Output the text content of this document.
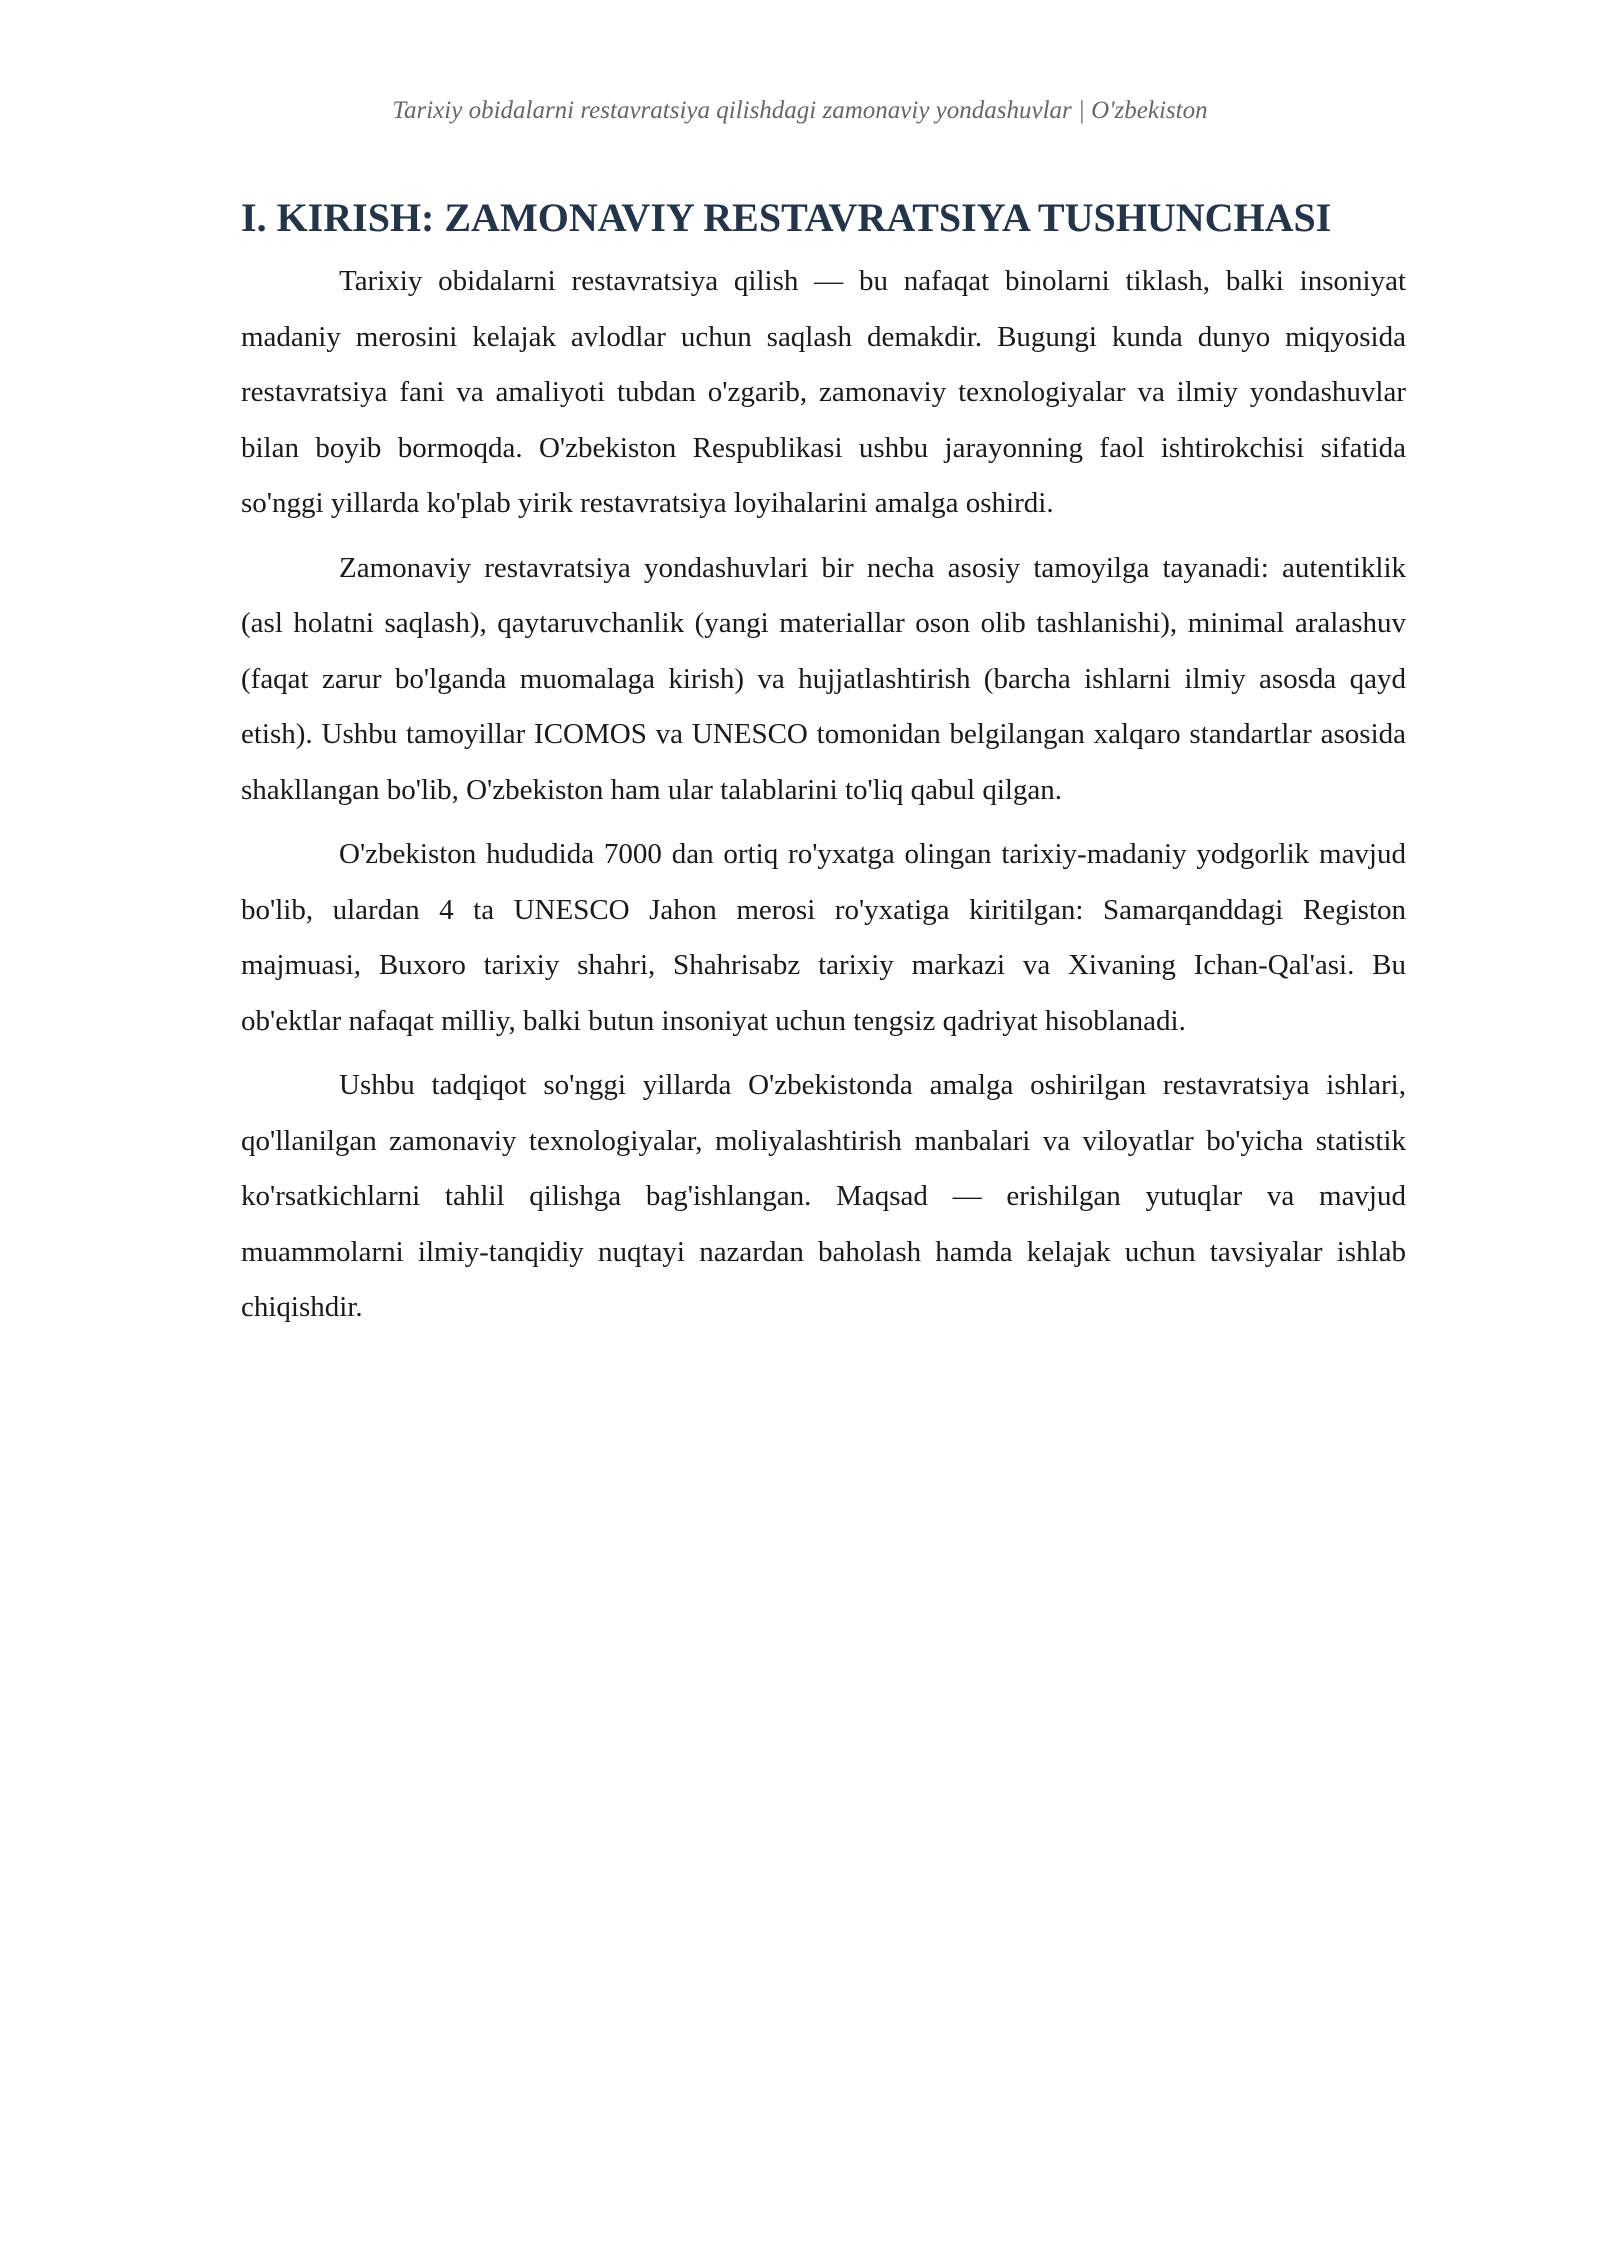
Tarixiy obidalarni restavratsiya qilishdagi zamonaviy yondashuvlar | O'zbekiston
I. KIRISH: ZAMONAVIY RESTAVRATSIYA TUSHUNCHASI

Tarixiy obidalarni restavratsiya qilish — bu nafaqat binolarni tiklash, balki insoniyat madaniy merosini kelajak avlodlar uchun saqlash demakdir. Bugungi kunda dunyo miqyosida restavratsiya fani va amaliyoti tubdan o'zgarib, zamonaviy texnologiyalar va ilmiy yondashuvlar bilan boyib bormoqda. O'zbekiston Respublikasi ushbu jarayonning faol ishtirokchisi sifatida so'nggi yillarda ko'plab yirik restavratsiya loyihalarini amalga oshirdi.

Zamonaviy restavratsiya yondashuvlari bir necha asosiy tamoyilga tayanadi: autentiklik (asl holatni saqlash), qaytaruvchanlik (yangi materiallar oson olib tashlanishi), minimal aralashuv (faqat zarur bo'lganda muomalaga kirish) va hujjatlashtirish (barcha ishlarni ilmiy asosda qayd etish). Ushbu tamoyillar ICOMOS va UNESCO tomonidan belgilangan xalqaro standartlar asosida shakllangan bo'lib, O'zbekiston ham ular talablarini to'liq qabul qilgan.

O'zbekiston hududida 7000 dan ortiq ro'yxatga olingan tarixiy-madaniy yodgorlik mavjud bo'lib, ulardan 4 ta UNESCO Jahon merosi ro'yxatiga kiritilgan: Samarqanddagi Registon majmuasi, Buxoro tarixiy shahri, Shahrisabz tarixiy markazi va Xivaning Ichan-Qal'asi. Bu ob'ektlar nafaqat milliy, balki butun insoniyat uchun tengsiz qadriyat hisoblanadi.

Ushbu tadqiqot so'nggi yillarda O'zbekistonda amalga oshirilgan restavratsiya ishlari, qo'llanilgan zamonaviy texnologiyalar, moliyalashtirish manbalari va viloyatlar bo'yicha statistik ko'rsatkichlarni tahlil qilishga bag'ishlangan. Maqsad — erishilgan yutuqlar va mavjud muammolarni ilmiy-tanqidiy nuqtayi nazardan baholash hamda kelajak uchun tavsiyalar ishlab chiqishdir.
